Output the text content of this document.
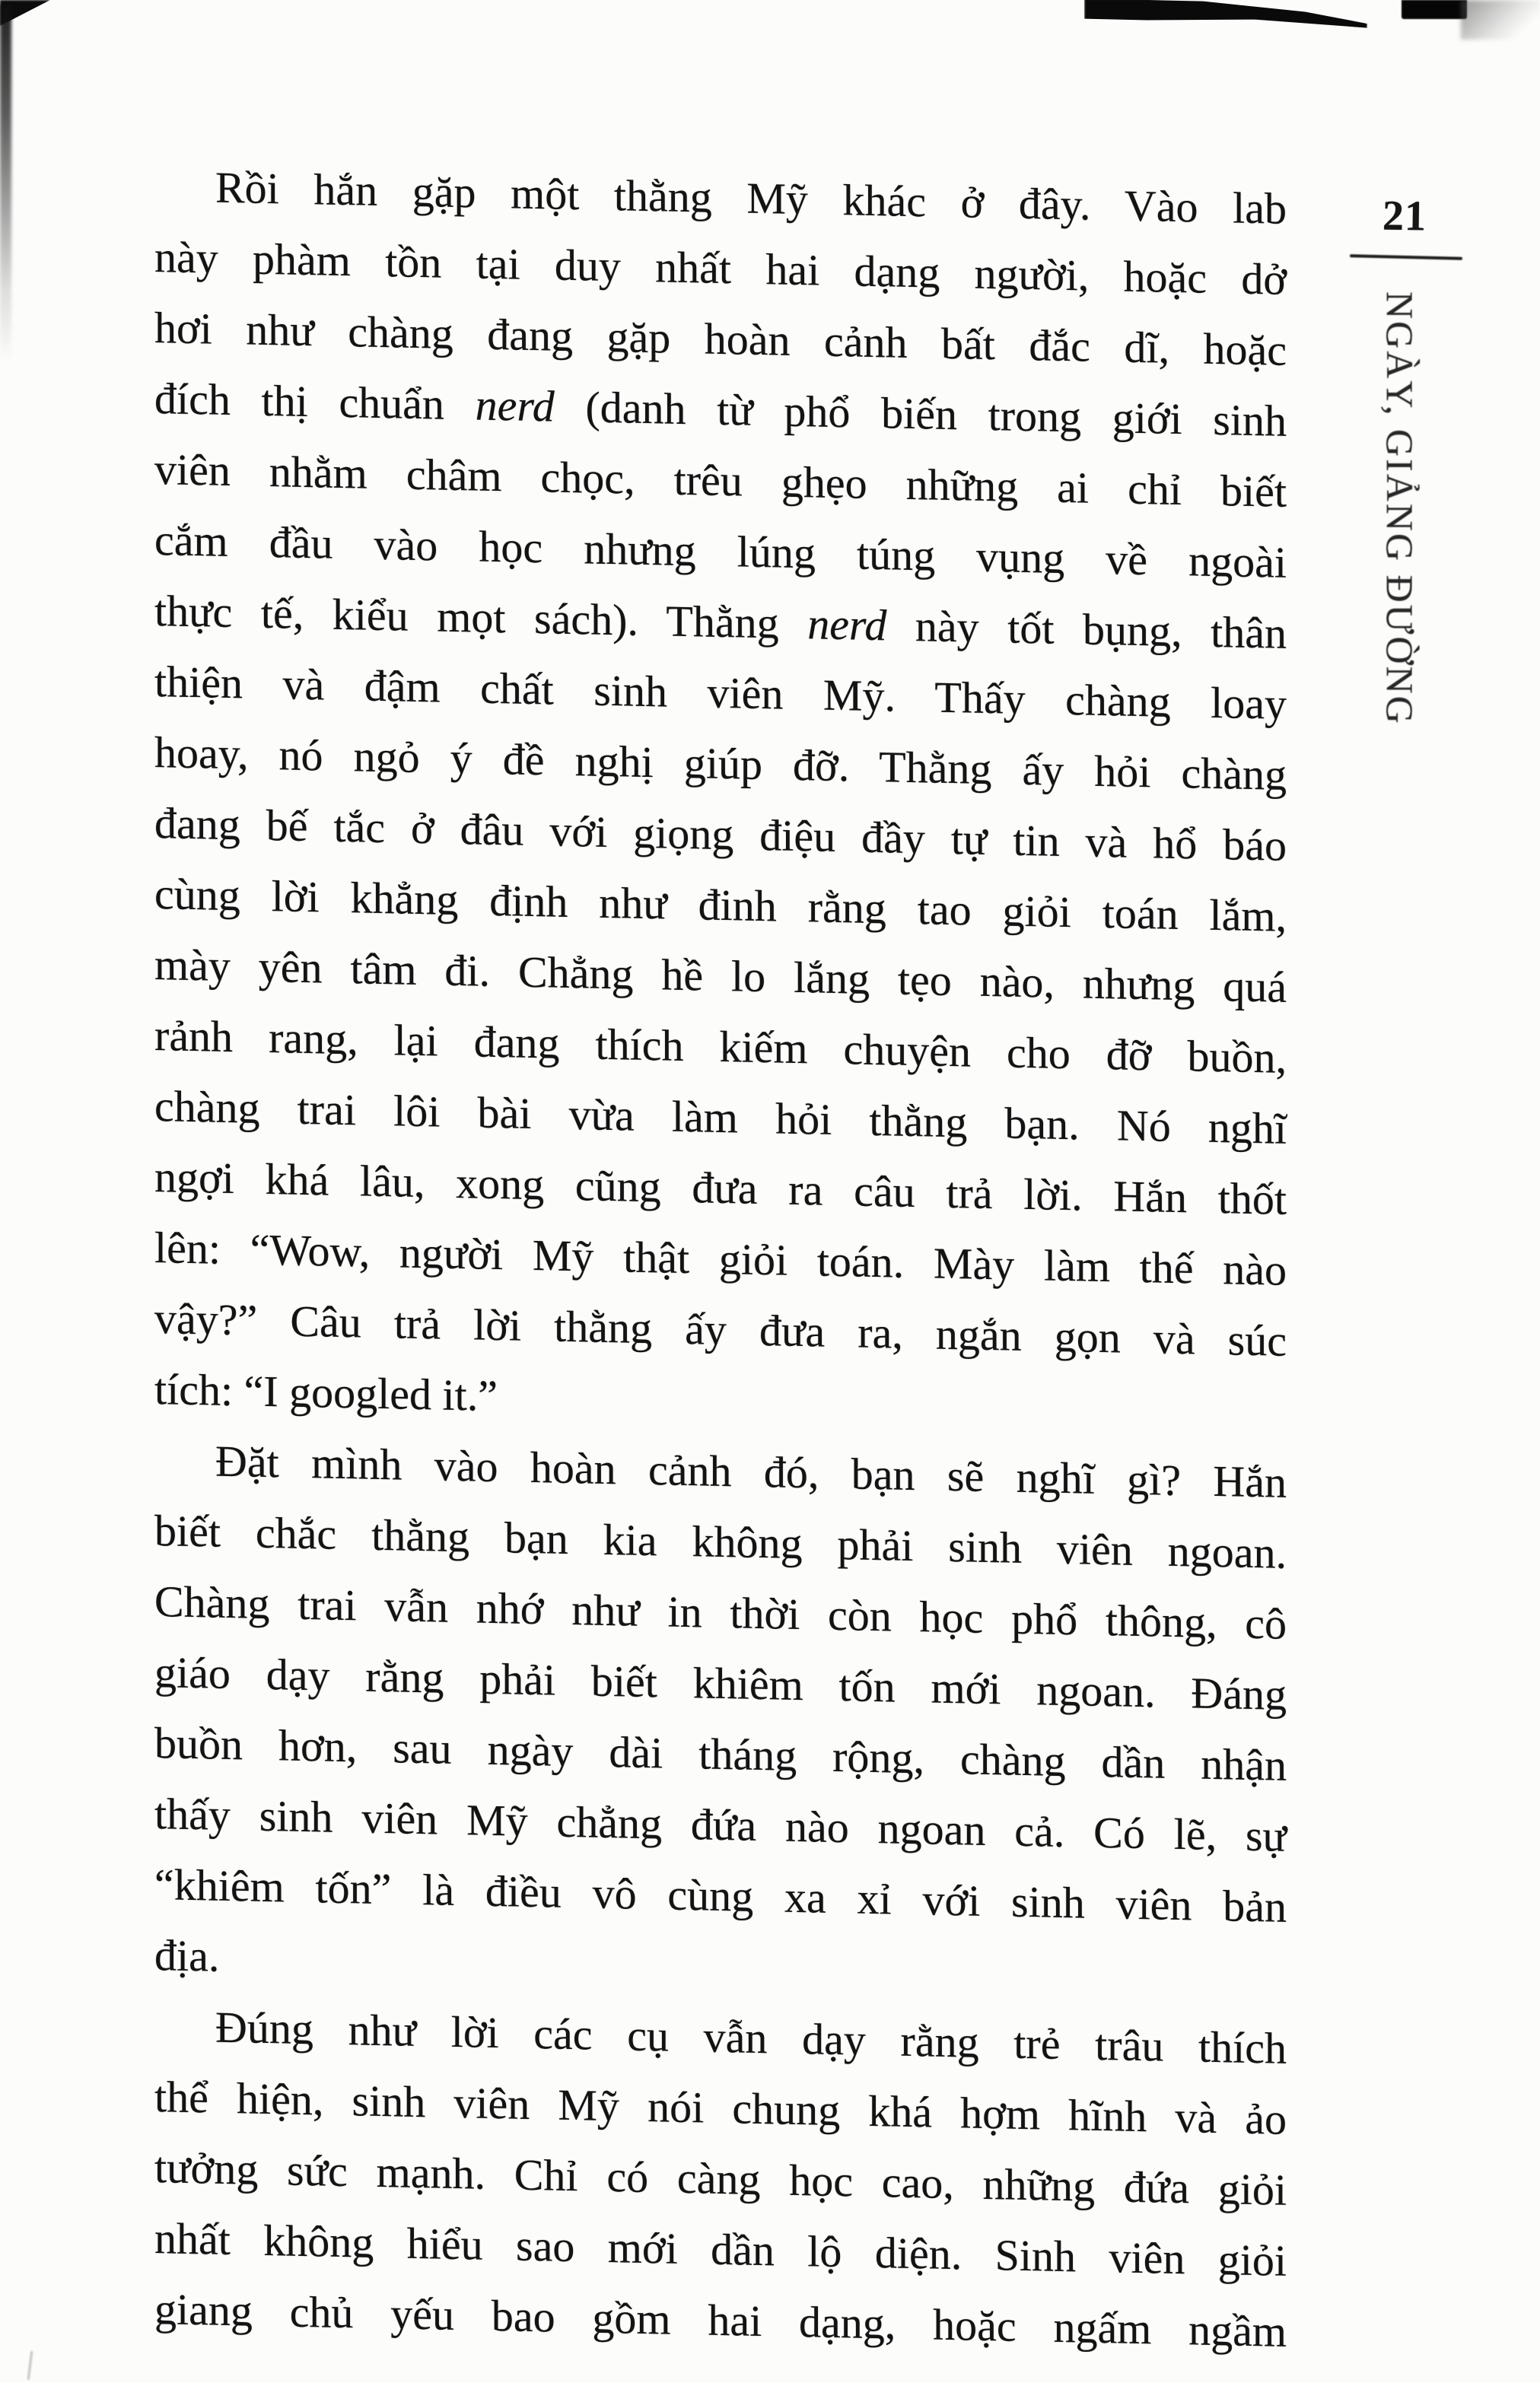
21
NGÀY, GIẢNG ĐƯỜNG
Rồi hắn gặp một thằng Mỹ khác ở đây. Vào lab
này phàm tồn tại duy nhất hai dạng người, hoặc dở
hơi như chàng đang gặp hoàn cảnh bất đắc dĩ, hoặc
đích thị chuẩn nerd (danh từ phổ biến trong giới sinh
viên nhằm châm chọc, trêu ghẹo những ai chỉ biết
cắm đầu vào học nhưng lúng túng vụng về ngoài
thực tế, kiểu mọt sách). Thằng nerd này tốt bụng, thân
thiện và đậm chất sinh viên Mỹ. Thấy chàng loay
hoay, nó ngỏ ý đề nghị giúp đỡ. Thằng ấy hỏi chàng
đang bế tắc ở đâu với giọng điệu đầy tự tin và hổ báo
cùng lời khẳng định như đinh rằng tao giỏi toán lắm,
mày yên tâm đi. Chẳng hề lo lắng tẹo nào, nhưng quá
rảnh rang, lại đang thích kiếm chuyện cho đỡ buồn,
chàng trai lôi bài vừa làm hỏi thằng bạn. Nó nghĩ
ngợi khá lâu, xong cũng đưa ra câu trả lời. Hắn thốt
lên: “Wow, người Mỹ thật giỏi toán. Mày làm thế nào
vậy?” Câu trả lời thằng ấy đưa ra, ngắn gọn và súc
tích: “I googled it.”
Đặt mình vào hoàn cảnh đó, bạn sẽ nghĩ gì? Hắn
biết chắc thằng bạn kia không phải sinh viên ngoan.
Chàng trai vẫn nhớ như in thời còn học phổ thông, cô
giáo dạy rằng phải biết khiêm tốn mới ngoan. Đáng
buồn hơn, sau ngày dài tháng rộng, chàng dần nhận
thấy sinh viên Mỹ chẳng đứa nào ngoan cả. Có lẽ, sự
“khiêm tốn” là điều vô cùng xa xỉ với sinh viên bản
địa.
Đúng như lời các cụ vẫn dạy rằng trẻ trâu thích
thể hiện, sinh viên Mỹ nói chung khá hợm hĩnh và ảo
tưởng sức mạnh. Chỉ có càng học cao, những đứa giỏi
nhất không hiểu sao mới dần lộ diện. Sinh viên giỏi
giang chủ yếu bao gồm hai dạng, hoặc ngấm ngầm
